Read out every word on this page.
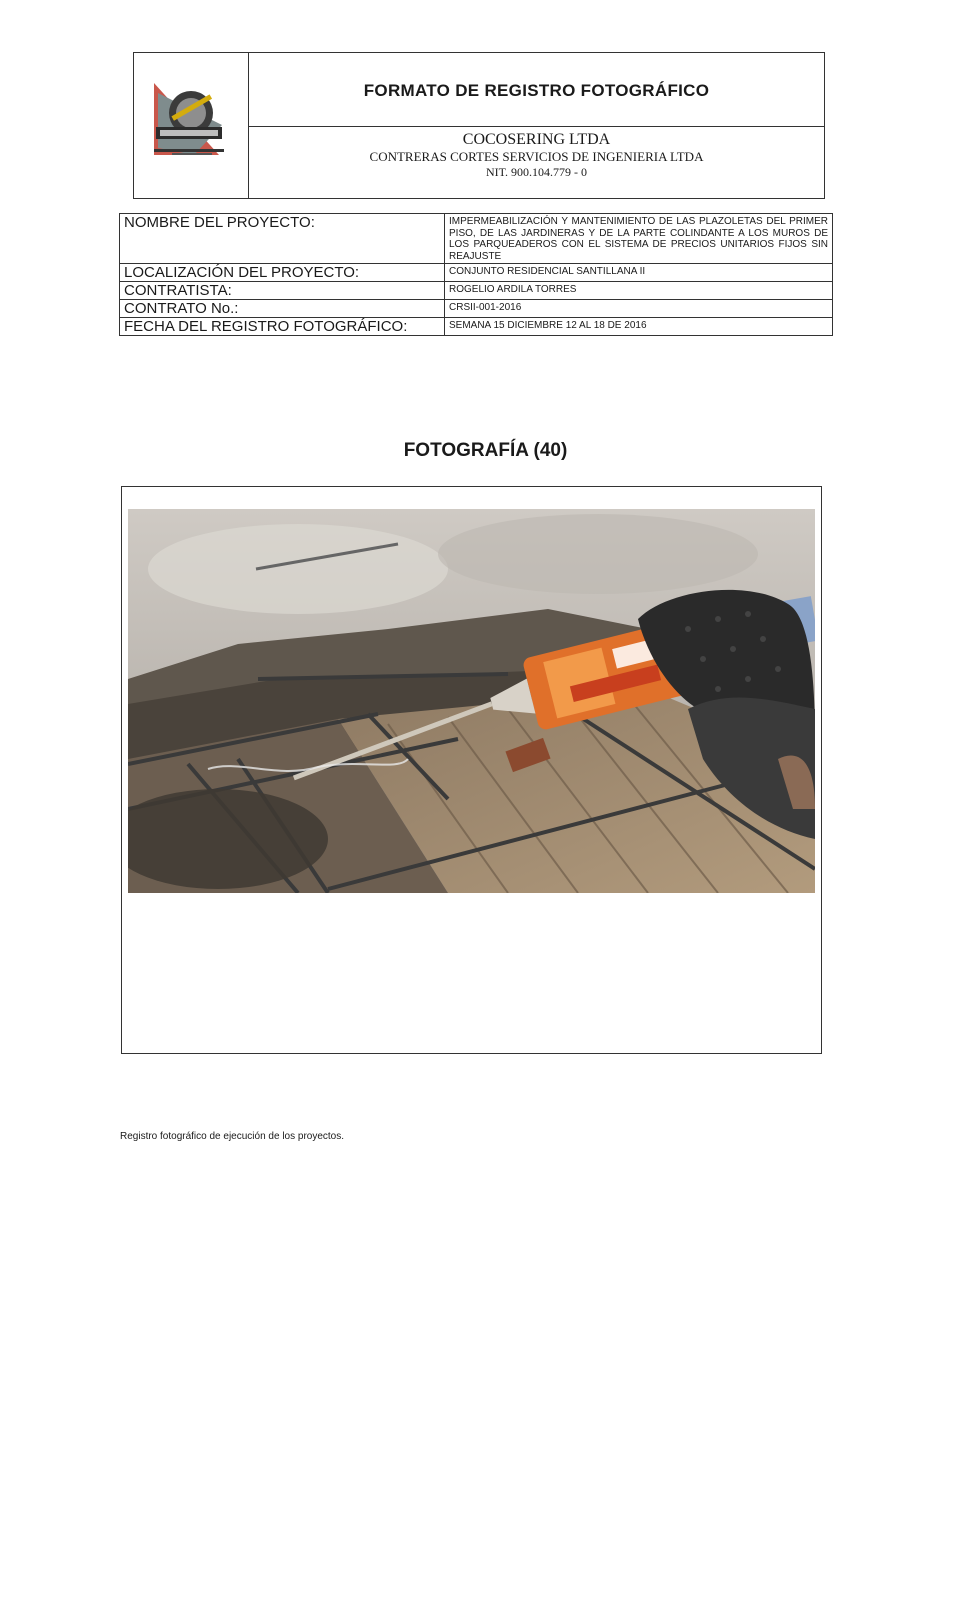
FORMATO DE REGISTRO FOTOGRÁFICO
COCOSERING LTDA
CONTRERAS CORTES SERVICIOS DE INGENIERIA LTDA
NIT. 900.104.779 - 0
NOMBRE DEL PROYECTO:	IMPERMEABILIZACIÓN Y MANTENIMIENTO DE LAS PLAZOLETAS DEL PRIMER PISO, DE LAS JARDINERAS Y DE LA PARTE COLINDANTE A LOS MUROS DE LOS PARQUEADEROS CON EL SISTEMA DE PRECIOS UNITARIOS FIJOS SIN REAJUSTE
LOCALIZACIÓN DEL PROYECTO:	CONJUNTO RESIDENCIAL SANTILLANA II
CONTRATISTA:	ROGELIO ARDILA TORRES
CONTRATO No.:	CRSII-001-2016
FECHA DEL REGISTRO FOTOGRÁFICO:	SEMANA 15 DICIEMBRE 12 AL 18 DE 2016
FOTOGRAFÍA (40)
Registro fotográfico de ejecución de los proyectos.
